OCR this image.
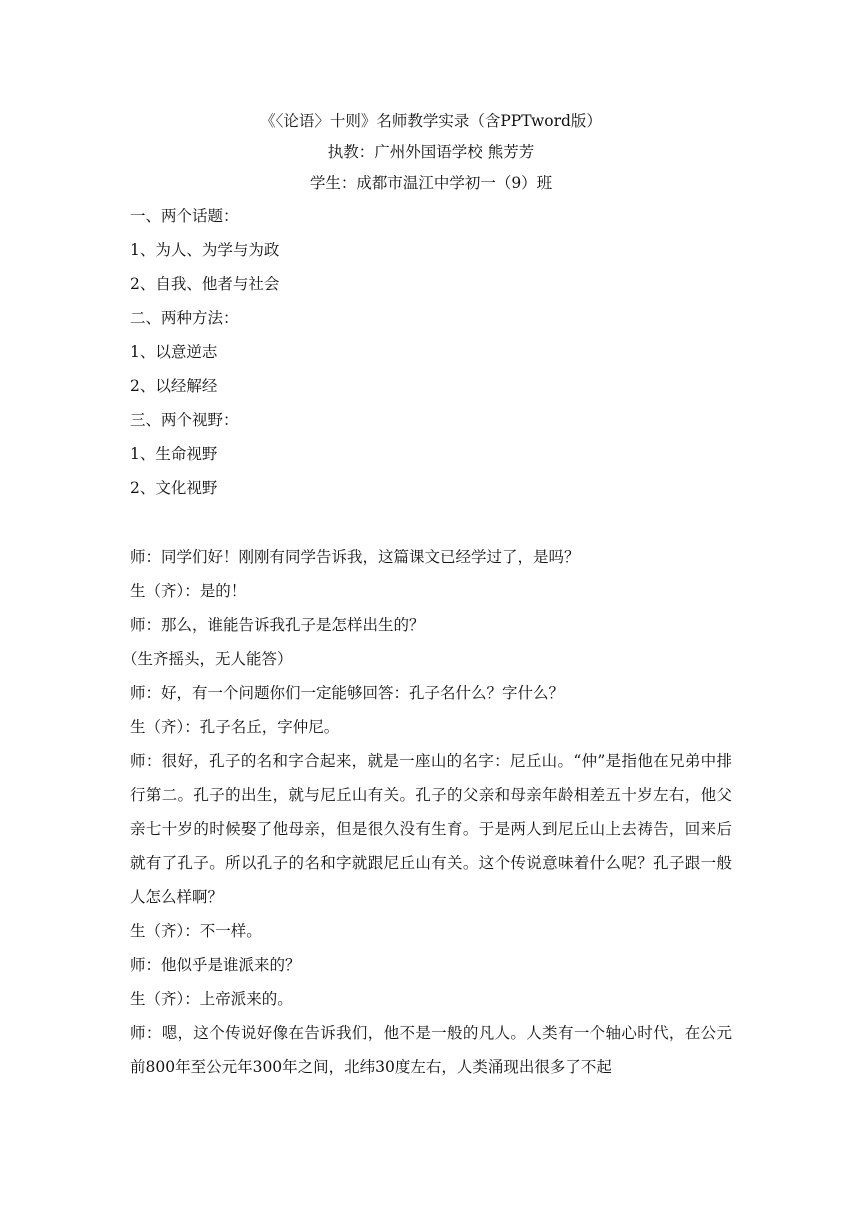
《〈论语〉十则》名师教学实录（含PPTword版）
执教：广州外国语学校 熊芳芳
学生：成都市温江中学初一（9）班
一、两个话题：
1、为人、为学与为政
2、自我、他者与社会
二、两种方法：
1、以意逆志
2、以经解经
三、两个视野：
1、生命视野
2、文化视野

师：同学们好！刚刚有同学告诉我，这篇课文已经学过了，是吗？

生（齐）：是的！

师：那么，谁能告诉我孔子是怎样出生的？

（生齐摇头，无人能答）

师：好，有一个问题你们一定能够回答：孔子名什么？字什么？

生（齐）：孔子名丘，字仲尼。

师：很好，孔子的名和字合起来，就是一座山的名字：尼丘山。“仲”是指他在兄弟中排行第二。孔子的出生，就与尼丘山有关。孔子的父亲和母亲年龄相差五十岁左右，他父亲七十岁的时候娶了他母亲，但是很久没有生育。于是两人到尼丘山上去祷告，回来后就有了孔子。所以孔子的名和字就跟尼丘山有关。这个传说意味着什么呢？孔子跟一般人怎么样啊？

生（齐）：不一样。

师：他似乎是谁派来的？

生（齐）：上帝派来的。

师：嗯，这个传说好像在告诉我们，他不是一般的凡人。人类有一个轴心时代，在公元前800年至公元年300年之间，北纬30度左右，人类涌现出很多了不起
